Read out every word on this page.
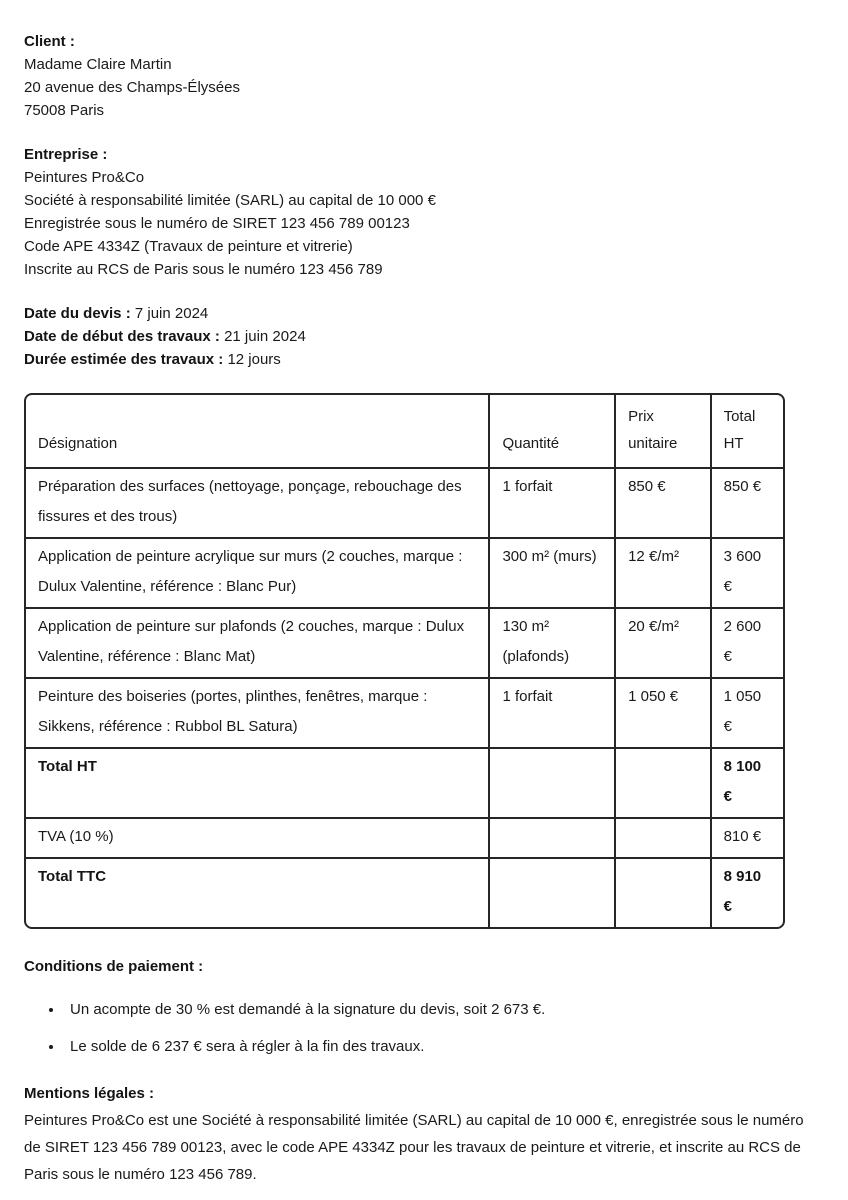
Client :

Madame Claire Martin

20 avenue des Champs-Élysées

75008 Paris

Entreprise :

Peintures Pro&Co

Société à responsabilité limitée (SARL) au capital de 10 000 €

Enregistrée sous le numéro de SIRET 123 456 789 00123

Code APE 4334Z (Travaux de peinture et vitrerie)

Inscrite au RCS de Paris sous le numéro 123 456 789

Date du devis : 7 juin 2024

Date de début des travaux : 21 juin 2024

Durée estimée des travaux : 12 jours

Désignation	Quantité	Prix unitaire	Total HT
Préparation des surfaces (nettoyage, ponçage, rebouchage des fissures et des trous)	1 forfait	850 €	850 €
Application de peinture acrylique sur murs (2 couches, marque : Dulux Valentine, référence : Blanc Pur)	300 m² (murs)	12 €/m²	3 600 €
Application de peinture sur plafonds (2 couches, marque : Dulux Valentine, référence : Blanc Mat)	130 m² (plafonds)	20 €/m²	2 600 €
Peinture des boiseries (portes, plinthes, fenêtres, marque : Sikkens, référence : Rubbol BL Satura)	1 forfait	1 050 €	1 050 €
Total HT			8 100 €
TVA (10 %)			810 €
Total TTC			8 910 €

Conditions de paiement :

• Un acompte de 30 % est demandé à la signature du devis, soit 2 673 €.
• Le solde de 6 237 € sera à régler à la fin des travaux.

Mentions légales :

Peintures Pro&Co est une Société à responsabilité limitée (SARL) au capital de 10 000 €, enregistrée sous le numéro de SIRET 123 456 789 00123, avec le code APE 4334Z pour les travaux de peinture et vitrerie, et inscrite au RCS de Paris sous le numéro 123 456 789.
